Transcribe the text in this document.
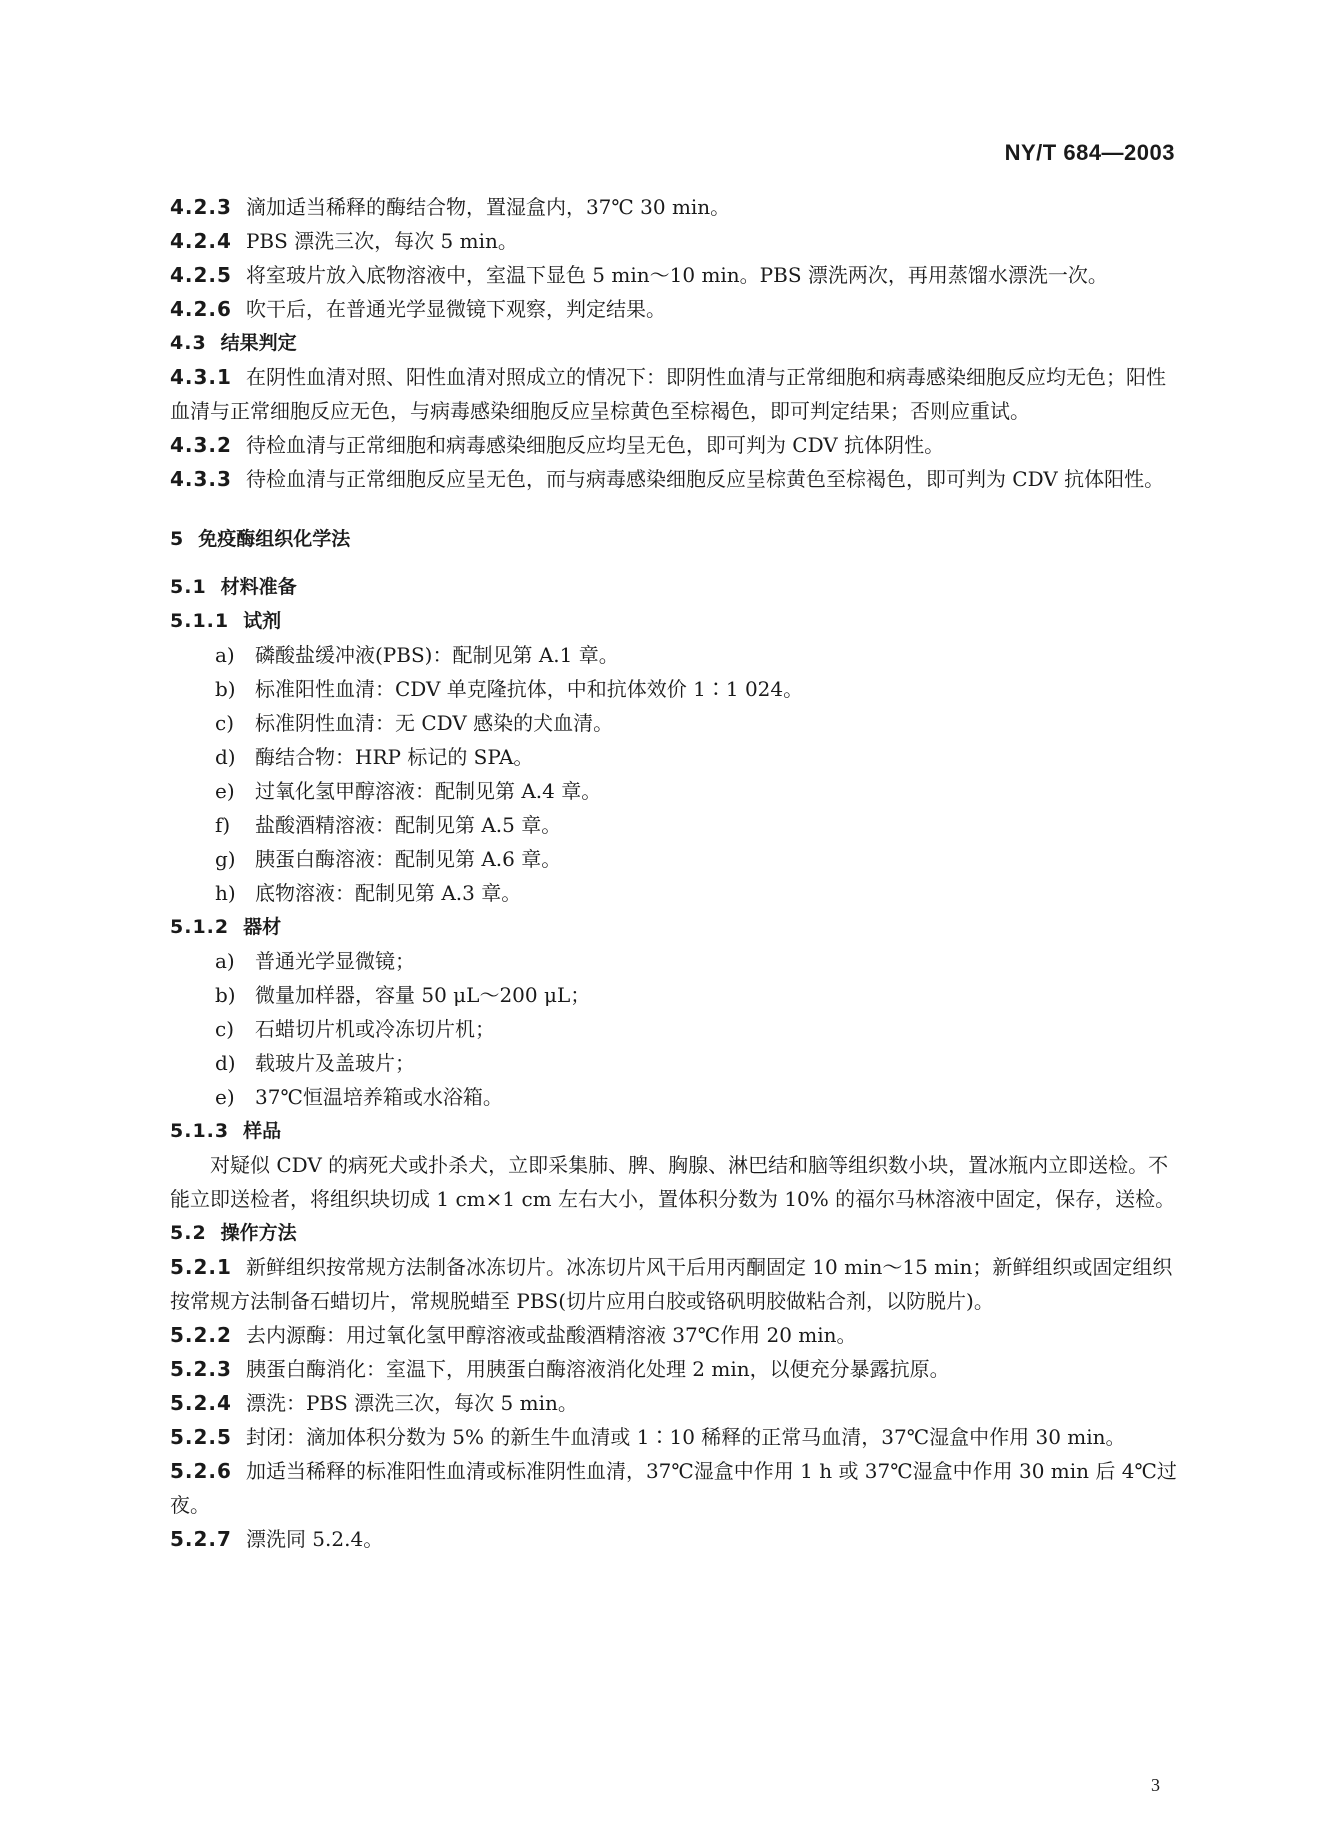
NY/T 684—2003
4.2.3 滴加适当稀释的酶结合物，置湿盒内，37℃ 30 min。
4.2.4 PBS 漂洗三次，每次 5 min。
4.2.5 将室玻片放入底物溶液中，室温下显色 5 min～10 min。PBS 漂洗两次，再用蒸馏水漂洗一次。
4.2.6 吹干后，在普通光学显微镜下观察，判定结果。
4.3 结果判定
4.3.1 在阴性血清对照、阳性血清对照成立的情况下：即阴性血清与正常细胞和病毒感染细胞反应均无色；阳性血清与正常细胞反应无色，与病毒感染细胞反应呈棕黄色至棕褐色，即可判定结果；否则应重试。
4.3.2 待检血清与正常细胞和病毒感染细胞反应均呈无色，即可判为 CDV 抗体阴性。
4.3.3 待检血清与正常细胞反应呈无色，而与病毒感染细胞反应呈棕黄色至棕褐色，即可判为 CDV 抗体阳性。
5 免疫酶组织化学法
5.1 材料准备
5.1.1 试剂
a) 磷酸盐缓冲液(PBS)：配制见第 A.1 章。
b) 标准阳性血清：CDV 单克隆抗体，中和抗体效价 1∶1 024。
c) 标准阴性血清：无 CDV 感染的犬血清。
d) 酶结合物：HRP 标记的 SPA。
e) 过氧化氢甲醇溶液：配制见第 A.4 章。
f) 盐酸酒精溶液：配制见第 A.5 章。
g) 胰蛋白酶溶液：配制见第 A.6 章。
h) 底物溶液：配制见第 A.3 章。
5.1.2 器材
a) 普通光学显微镜；
b) 微量加样器，容量 50 μL～200 μL；
c) 石蜡切片机或冷冻切片机；
d) 载玻片及盖玻片；
e) 37℃恒温培养箱或水浴箱。
5.1.3 样品
对疑似 CDV 的病死犬或扑杀犬，立即采集肺、脾、胸腺、淋巴结和脑等组织数小块，置冰瓶内立即送检。不能立即送检者，将组织块切成 1 cm×1 cm 左右大小，置体积分数为 10% 的福尔马林溶液中固定，保存，送检。
5.2 操作方法
5.2.1 新鲜组织按常规方法制备冰冻切片。冰冻切片风干后用丙酮固定 10 min～15 min；新鲜组织或固定组织按常规方法制备石蜡切片，常规脱蜡至 PBS(切片应用白胶或铬矾明胶做粘合剂，以防脱片)。
5.2.2 去内源酶：用过氧化氢甲醇溶液或盐酸酒精溶液 37℃作用 20 min。
5.2.3 胰蛋白酶消化：室温下，用胰蛋白酶溶液消化处理 2 min，以便充分暴露抗原。
5.2.4 漂洗：PBS 漂洗三次，每次 5 min。
5.2.5 封闭：滴加体积分数为 5% 的新生牛血清或 1∶10 稀释的正常马血清，37℃湿盒中作用 30 min。
5.2.6 加适当稀释的标准阳性血清或标准阴性血清，37℃湿盒中作用 1 h 或 37℃湿盒中作用 30 min 后 4℃过夜。
5.2.7 漂洗同 5.2.4。
3
